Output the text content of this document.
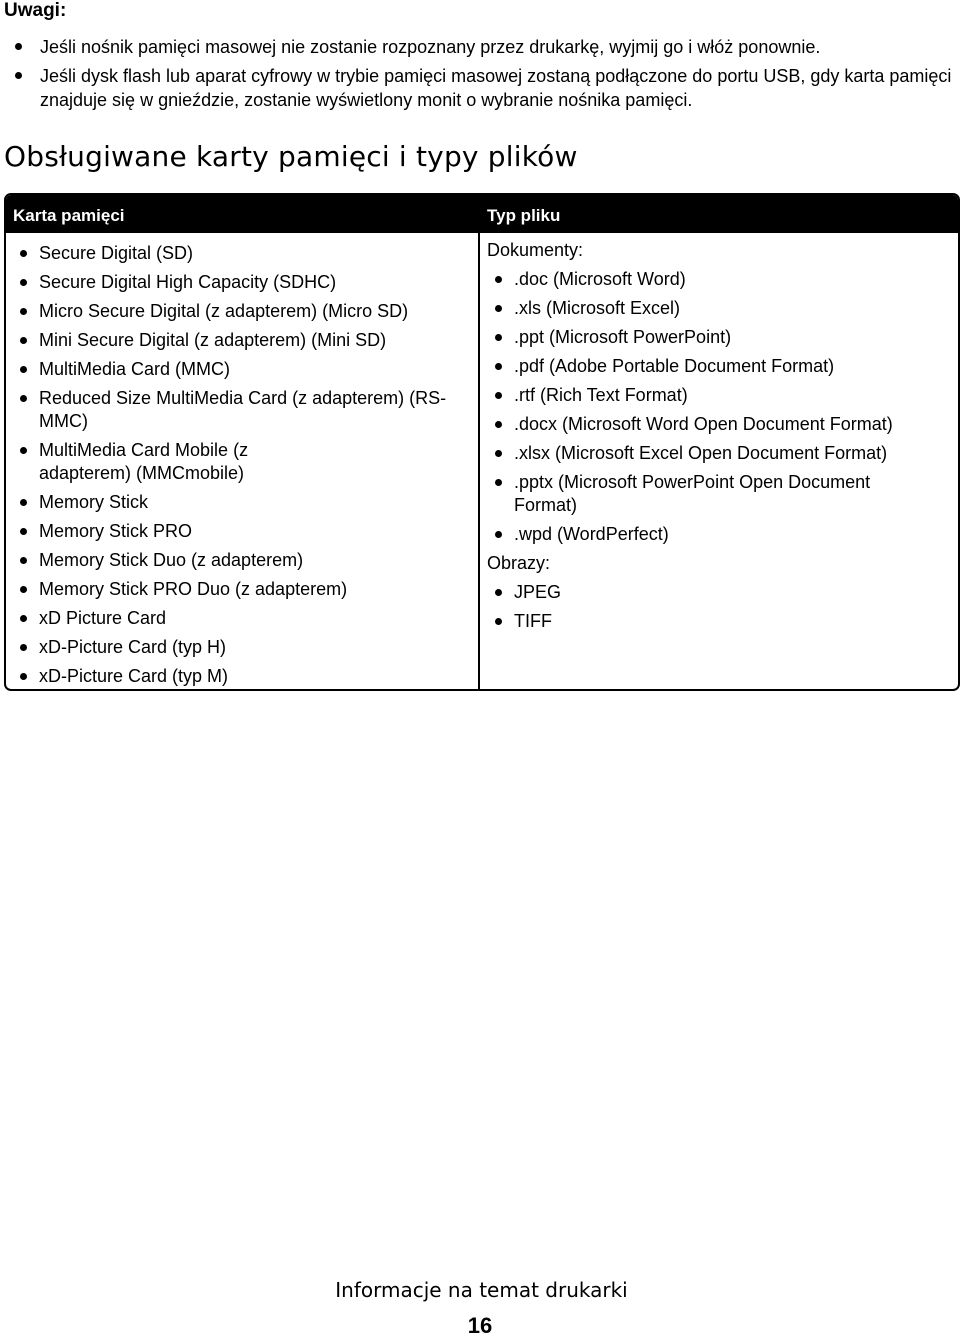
Uwagi:
Jeśli nośnik pamięci masowej nie zostanie rozpoznany przez drukarkę, wyjmij go i włóż ponownie.
Jeśli dysk flash lub aparat cyfrowy w trybie pamięci masowej zostaną podłączone do portu USB, gdy karta pamięci znajduje się w gnieździe, zostanie wyświetlony monit o wybranie nośnika pamięci.
Obsługiwane karty pamięci i typy plików
Karta pamięci	Typ pliku
Secure Digital (SD)
Secure Digital High Capacity (SDHC)
Micro Secure Digital (z adapterem) (Micro SD)
Mini Secure Digital (z adapterem) (Mini SD)
MultiMedia Card (MMC)
Reduced Size MultiMedia Card (z adapterem) (RS-MMC)
MultiMedia Card Mobile (z adapterem) (MMCmobile)
Memory Stick
Memory Stick PRO
Memory Stick Duo (z adapterem)
Memory Stick PRO Duo (z adapterem)
xD Picture Card
xD-Picture Card (typ H)
xD-Picture Card (typ M)
Dokumenty:
.doc (Microsoft Word)
.xls (Microsoft Excel)
.ppt (Microsoft PowerPoint)
.pdf (Adobe Portable Document Format)
.rtf (Rich Text Format)
.docx (Microsoft Word Open Document Format)
.xlsx (Microsoft Excel Open Document Format)
.pptx (Microsoft PowerPoint Open Document Format)
.wpd (WordPerfect)
Obrazy:
JPEG
TIFF
Informacje na temat drukarki
16
